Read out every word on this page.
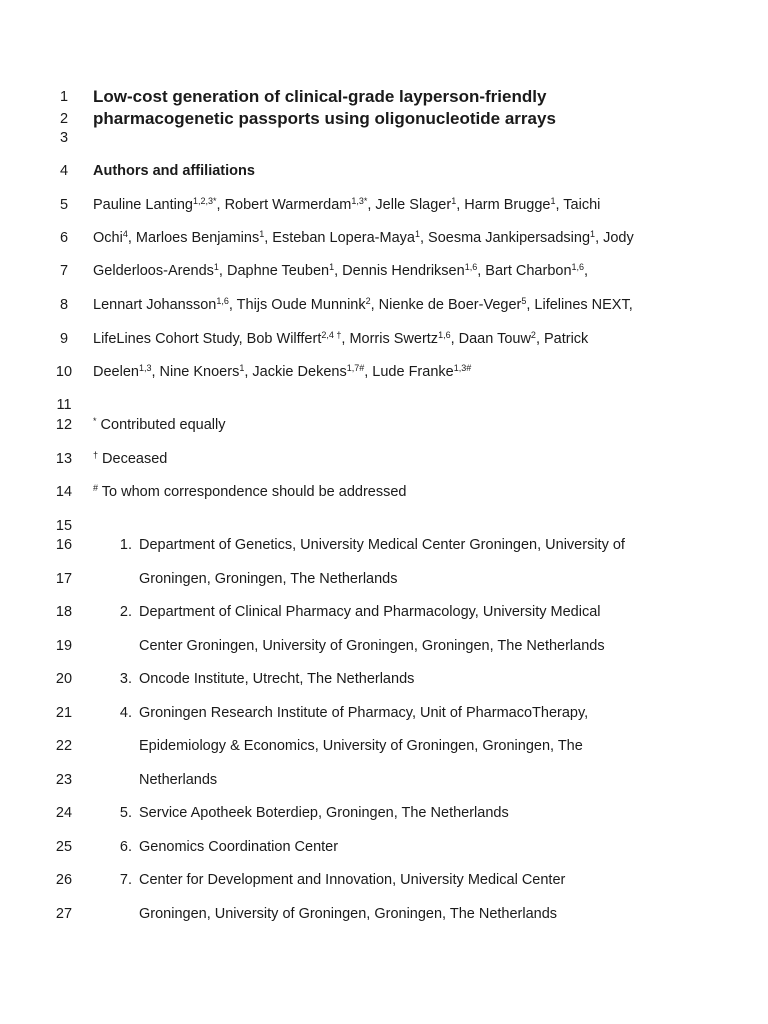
1
2
3
4
5
6
7
8
9
10
11
12
13
14
15
16
17
18
19
20
21
22
23
24
25
26
27
Low-cost generation of clinical-grade layperson-friendly
pharmacogenetic passports using oligonucleotide arrays
Authors and affiliations
Pauline Lanting$^{1,2,3*}$, Robert Warmerdam$^{1,3*}$, Jelle Slager$^1$, Harm Brugge$^1$, Taichi
Ochi$^4$, Marloes Benjamins$^1$, Esteban Lopera-Maya$^1$, Soesma Jankipersadsing$^1$, Jody
Gelderloos-Arends$^1$, Daphne Teuben$^1$, Dennis Hendriksen$^{1,6}$, Bart Charbon$^{1,6}$,
Lennart Johansson$^{1,6}$, Thijs Oude Munnink$^2$, Nienke de Boer-Veger$^5$, Lifelines NEXT,
LifeLines Cohort Study, Bob Wilffert$^{2,4 \dagger}$, Morris Swertz$^{1,6}$, Daan Touw$^2$, Patrick
Deelen$^{1,3}$, Nine Knoers$^1$, Jackie Dekens$^{1,7\#}$, Lude Franke$^{1,3\#}$
* Contributed equally
† Deceased
# To whom correspondence should be addressed
1. Department of Genetics, University Medical Center Groningen, University of
Groningen, Groningen, The Netherlands
2. Department of Clinical Pharmacy and Pharmacology, University Medical
Center Groningen, University of Groningen, Groningen, The Netherlands
3. Oncode Institute, Utrecht, The Netherlands
4. Groningen Research Institute of Pharmacy, Unit of PharmacoTherapy,
Epidemiology & Economics, University of Groningen, Groningen, The
Netherlands
5. Service Apotheek Boterdiep, Groningen, The Netherlands
6. Genomics Coordination Center
7. Center for Development and Innovation, University Medical Center
Groningen, University of Groningen, Groningen, The Netherlands
